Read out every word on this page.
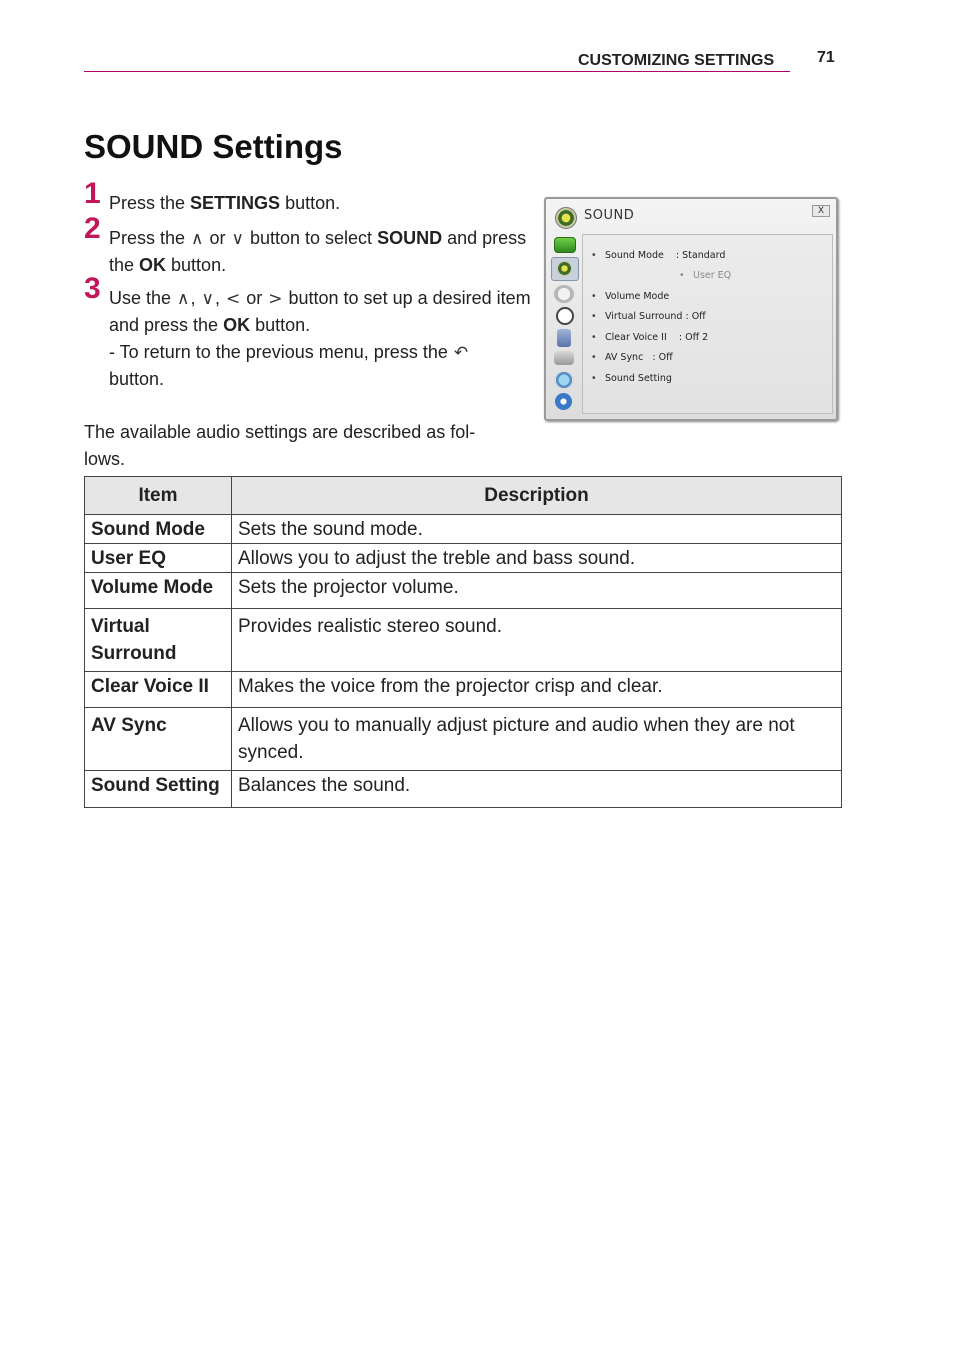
CUSTOMIZING SETTINGS	71
SOUND Settings
1 Press the SETTINGS button.
2 Press the ∧ or ∨ button to select SOUND and press the OK button.
3 Use the ∧, ∨, < or > button to set up a desired item and press the OK button.
- To return to the previous menu, press the ↶
button.
SOUND	X
• Sound Mode : Standard
• User EQ
• Volume Mode
• Virtual Surround : Off
• Clear Voice II : Off 2
• AV Sync : Off
• Sound Setting
The available audio settings are described as fol-lows.
Item	Description
Sound Mode	Sets the sound mode.
User EQ	Allows you to adjust the treble and bass sound.
Volume Mode	Sets the projector volume.
Virtual Surround	Provides realistic stereo sound.
Clear Voice II	Makes the voice from the projector crisp and clear.
AV Sync	Allows you to manually adjust picture and audio when they are not synced.
Sound Setting	Balances the sound.
